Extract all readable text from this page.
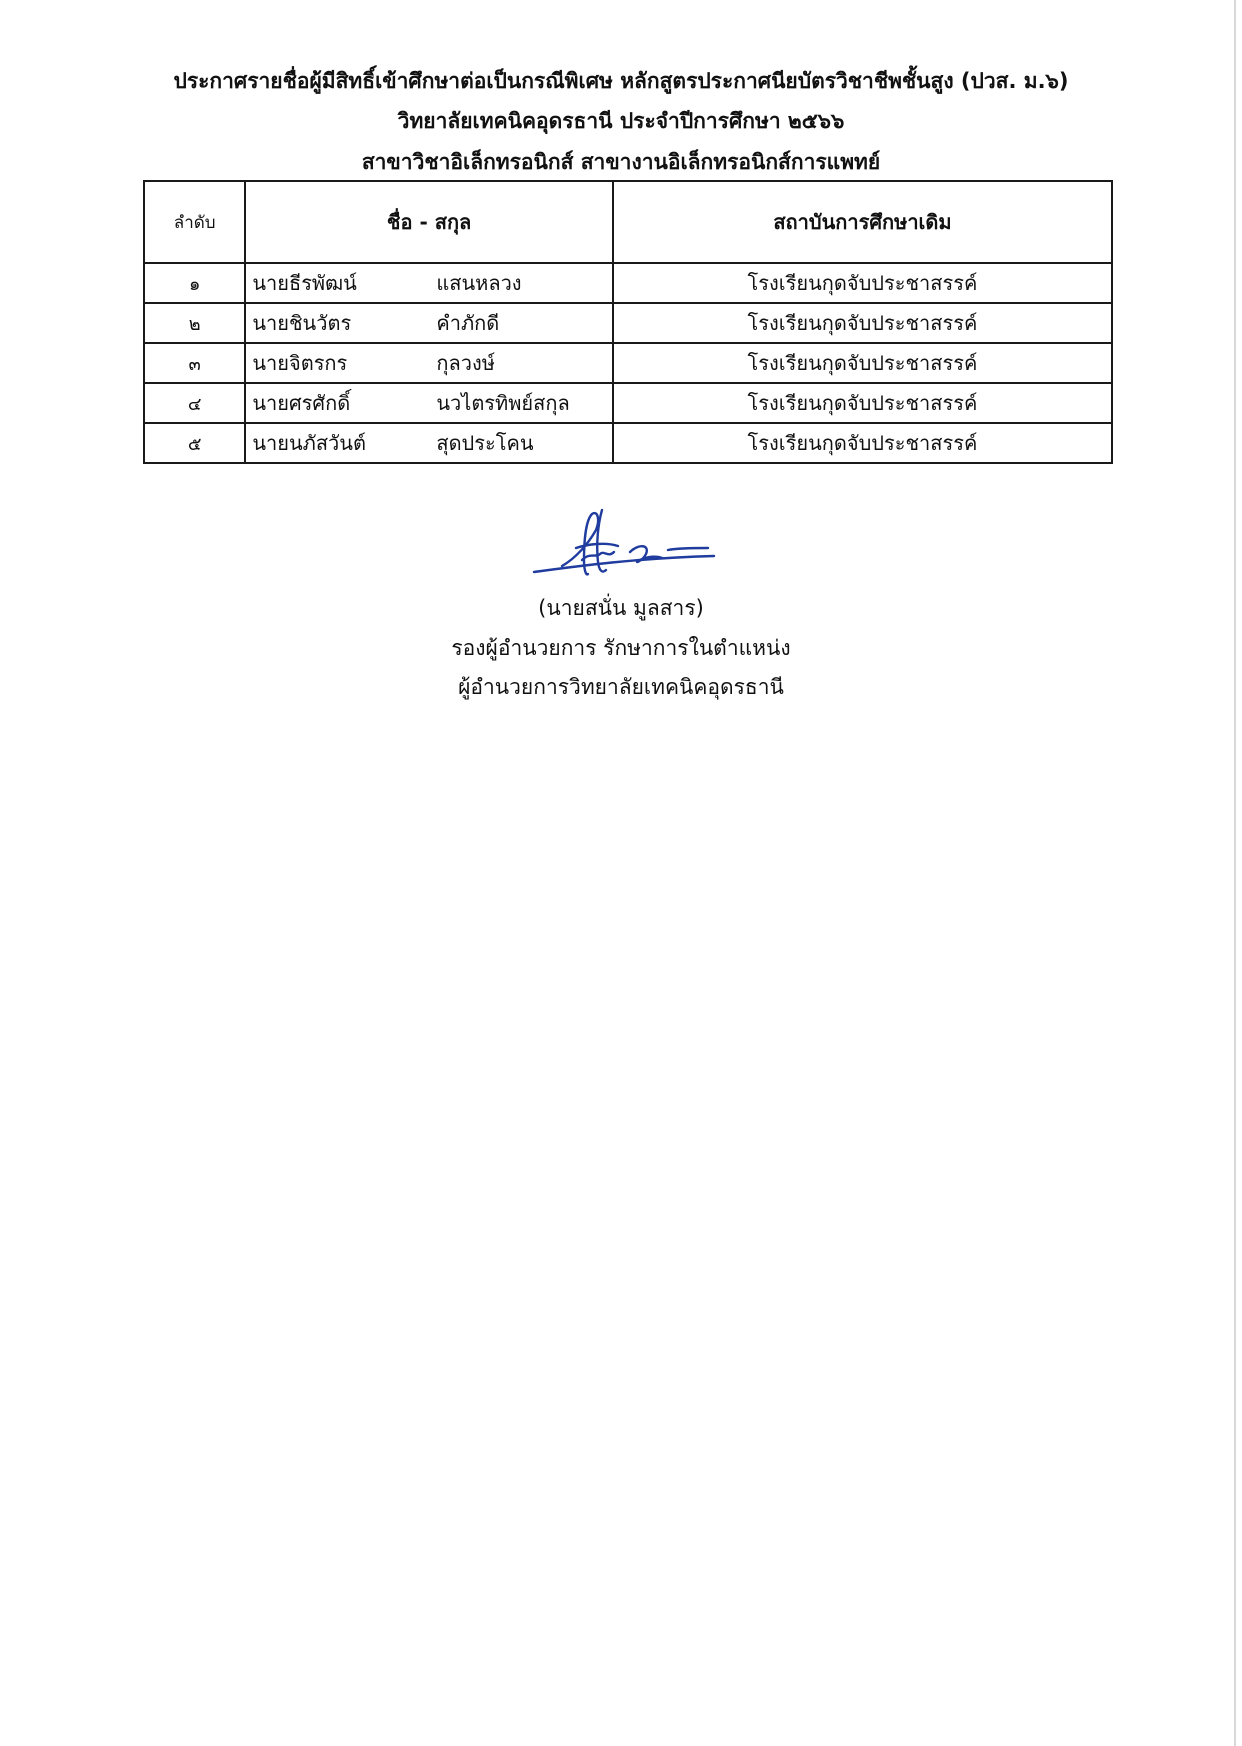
ประกาศรายชื่อผู้มีสิทธิ์เข้าศึกษาต่อเป็นกรณีพิเศษ หลักสูตรประกาศนียบัตรวิชาชีพชั้นสูง (ปวส. ม.๖)
วิทยาลัยเทคนิคอุดรธานี ประจำปีการศึกษา ๒๕๖๖
สาขาวิชาอิเล็กทรอนิกส์ สาขางานอิเล็กทรอนิกส์การแพทย์
ลำดับ	ชื่อ - สกุล	สถาบันการศึกษาเดิม
๑	นายธีรพัฒน์ แสนหลวง	โรงเรียนกุดจับประชาสรรค์
๒	นายชินวัตร คำภักดี	โรงเรียนกุดจับประชาสรรค์
๓	นายจิตรกร กุลวงษ์	โรงเรียนกุดจับประชาสรรค์
๔	นายศรศักดิ์ นวไตรทิพย์สกุล	โรงเรียนกุดจับประชาสรรค์
๕	นายนภัสวันต์ สุดประโคน	โรงเรียนกุดจับประชาสรรค์
(นายสนั่น มูลสาร)
รองผู้อำนวยการ รักษาการในตำแหน่ง
ผู้อำนวยการวิทยาลัยเทคนิคอุดรธานี
